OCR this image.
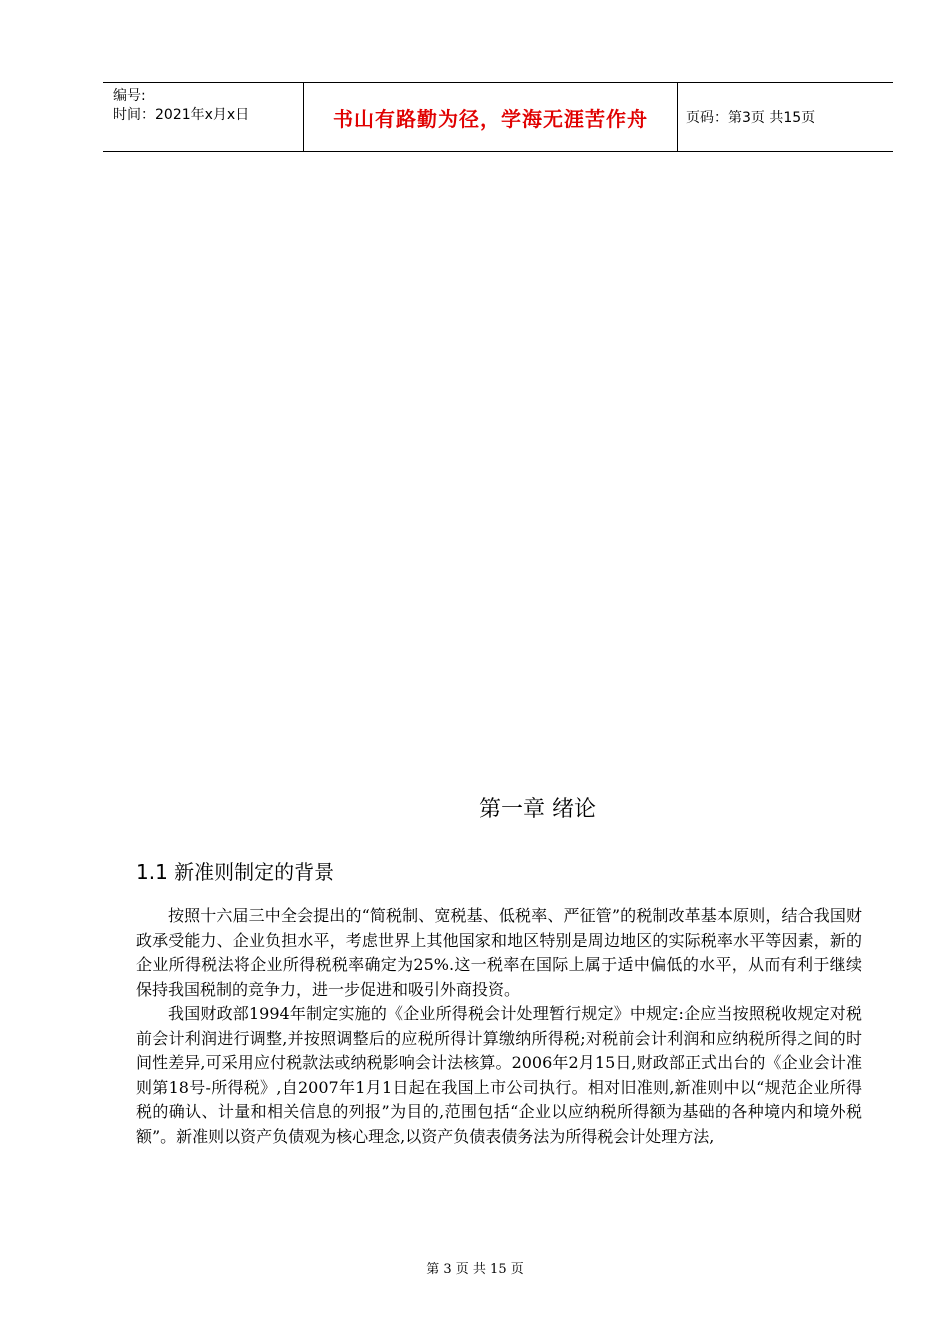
编号:
时间：2021年x月x日	书山有路勤为径，学海无涯苦作舟	页码：第3页 共15页
第一章 绪论
1.1 新准则制定的背景

按照十六届三中全会提出的“简税制、宽税基、低税率、严征管”的税制改革基本原则，结合我国财政承受能力、企业负担水平，考虑世界上其他国家和地区特别是周边地区的实际税率水平等因素，新的企业所得税法将企业所得税税率确定为25%.这一税率在国际上属于适中偏低的水平，从而有利于继续保持我国税制的竞争力，进一步促进和吸引外商投资。

我国财政部1994年制定实施的《企业所得税会计处理暂行规定》中规定:企应当按照税收规定对税前会计利润进行调整,并按照调整后的应税所得计算缴纳所得税;对税前会计利润和应纳税所得之间的时间性差异,可采用应付税款法或纳税影响会计法核算。2006年2月15日,财政部正式出台的《企业会计准则第18号-所得税》,自2007年1月1日起在我国上市公司执行。相对旧准则,新准则中以“规范企业所得税的确认、计量和相关信息的列报”为目的,范围包括“企业以应纳税所得额为基础的各种境内和境外税额”。新准则以资产负债观为核心理念,以资产负债表债务法为所得税会计处理方法,

第 3 页 共 15 页
